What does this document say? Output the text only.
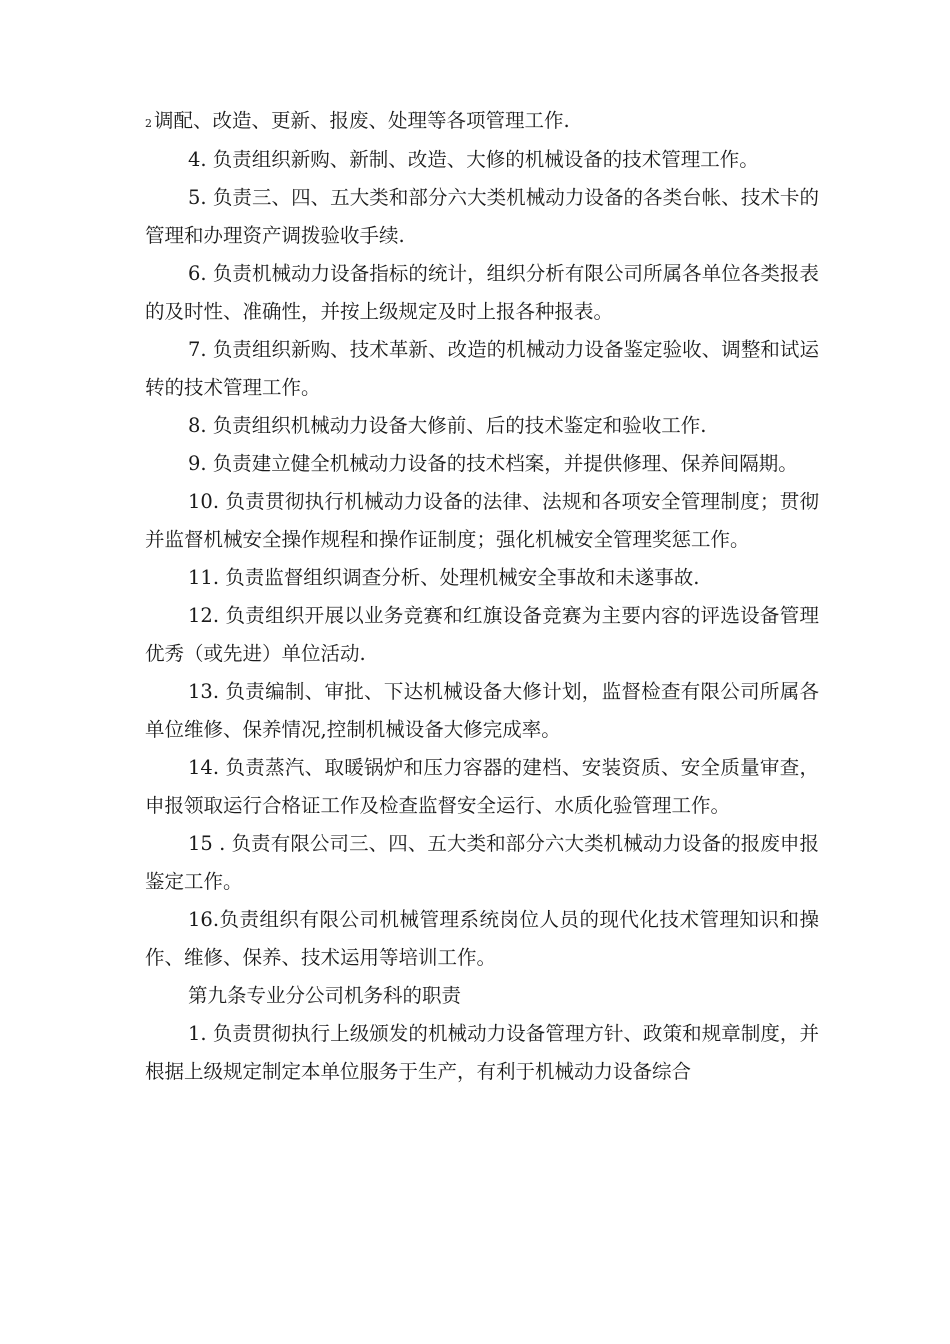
2 调配、改造、更新、报废、处理等各项管理工作.

4. 负责组织新购、新制、改造、大修的机械设备的技术管理工作。

5. 负责三、四、五大类和部分六大类机械动力设备的各类台帐、技术卡的管理和办理资产调拨验收手续.

6. 负责机械动力设备指标的统计，组织分析有限公司所属各单位各类报表的及时性、准确性，并按上级规定及时上报各种报表。

7. 负责组织新购、技术革新、改造的机械动力设备鉴定验收、调整和试运转的技术管理工作。

8. 负责组织机械动力设备大修前、后的技术鉴定和验收工作.

9. 负责建立健全机械动力设备的技术档案，并提供修理、保养间隔期。

10. 负责贯彻执行机械动力设备的法律、法规和各项安全管理制度；贯彻并监督机械安全操作规程和操作证制度；强化机械安全管理奖惩工作。

11. 负责监督组织调查分析、处理机械安全事故和未遂事故.

12. 负责组织开展以业务竞赛和红旗设备竞赛为主要内容的评选设备管理优秀（或先进）单位活动.

13. 负责编制、审批、下达机械设备大修计划，监督检查有限公司所属各单位维修、保养情况,控制机械设备大修完成率。

14. 负责蒸汽、取暖锅炉和压力容器的建档、安装资质、安全质量审查，申报领取运行合格证工作及检查监督安全运行、水质化验管理工作。

15 . 负责有限公司三、四、五大类和部分六大类机械动力设备的报废申报鉴定工作。

16.负责组织有限公司机械管理系统岗位人员的现代化技术管理知识和操作、维修、保养、技术运用等培训工作。

第九条专业分公司机务科的职责

1. 负责贯彻执行上级颁发的机械动力设备管理方针、政策和规章制度，并根据上级规定制定本单位服务于生产，有利于机械动力设备综合
